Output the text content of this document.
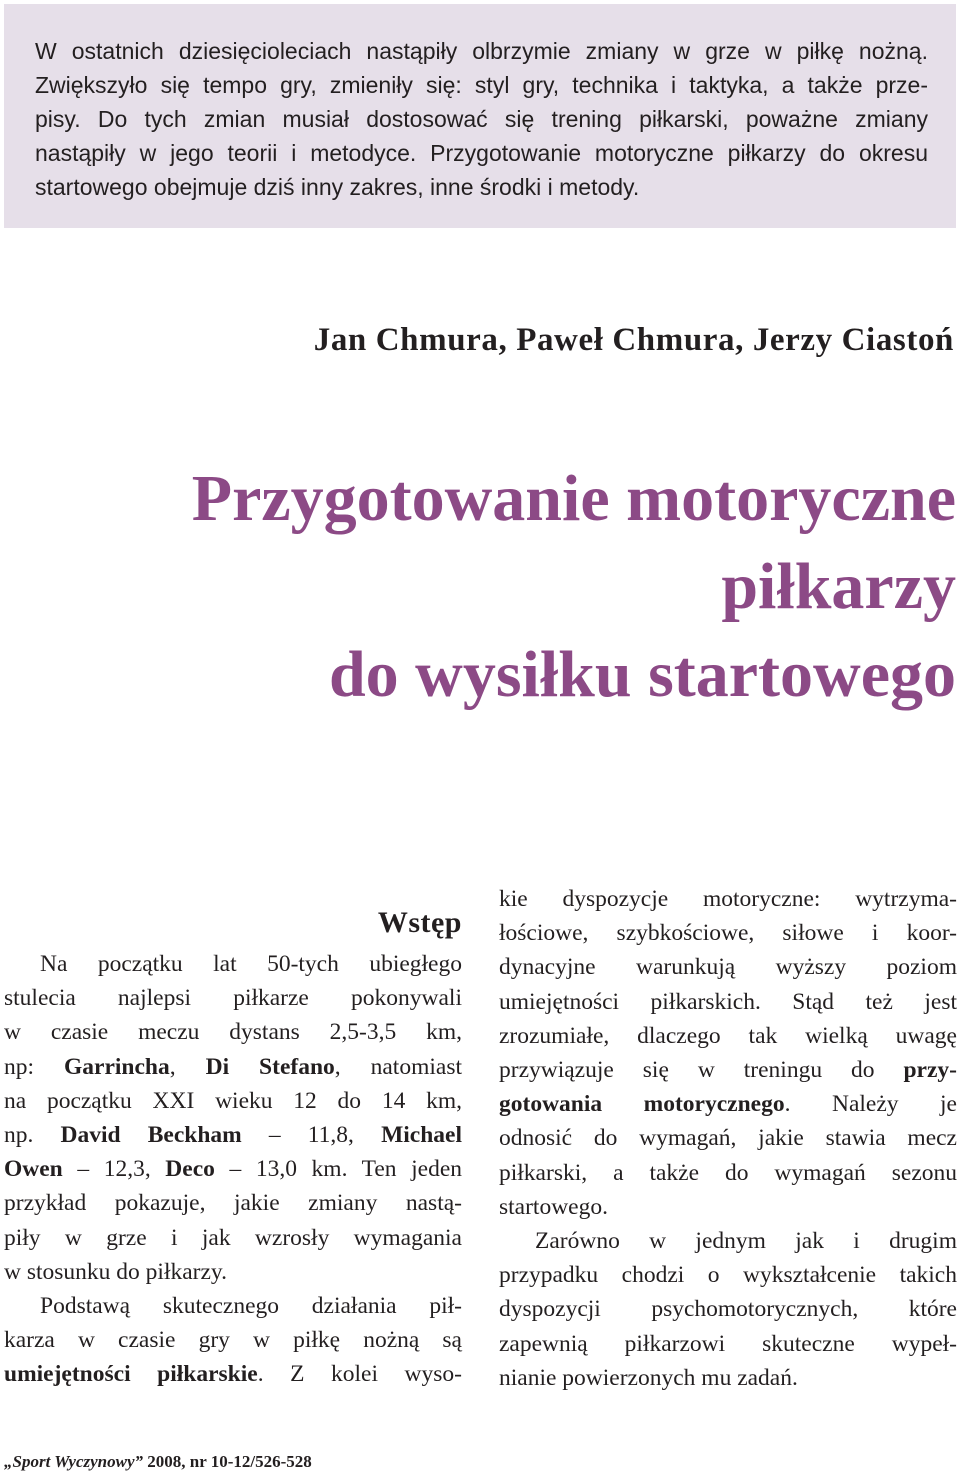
W ostatnich dziesięcioleciach nastąpiły olbrzymie zmiany w grze w piłkę nożną.
Zwiększyło się tempo gry, zmieniły się: styl gry, technika i taktyka, a także prze-
pisy. Do tych zmian musiał dostosować się trening piłkarski, poważne zmiany
nastąpiły w jego teorii i metodyce. Przygotowanie motoryczne piłkarzy do okresu
startowego obejmuje dziś inny zakres, inne środki i metody.

Jan Chmura, Paweł Chmura, Jerzy Ciastoń
Przygotowanie motoryczne
piłkarzy
do wysiłku startowego
Wstęp
Na początku lat 50-tych ubiegłego
stulecia najlepsi piłkarze pokonywali
w czasie meczu dystans 2,5-3,5 km,
np: Garrincha, Di Stefano, natomiast
na początku XXI wieku 12 do 14 km,
np. David Beckham – 11,8, Michael
Owen – 12,3, Deco – 13,0 km. Ten jeden
przykład pokazuje, jakie zmiany nastą-
piły w grze i jak wzrosły wymagania
w stosunku do piłkarzy.
Podstawą skutecznego działania pił-
karza w czasie gry w piłkę nożną są
umiejętności piłkarskie. Z kolei wyso-
kie dyspozycje motoryczne: wytrzyma-
łościowe, szybkościowe, siłowe i koor-
dynacyjne warunkują wyższy poziom
umiejętności piłkarskich. Stąd też jest
zrozumiałe, dlaczego tak wielką uwagę
przywiązuje się w treningu do przy-
gotowania motorycznego. Należy je
odnosić do wymagań, jakie stawia mecz
piłkarski, a także do wymagań sezonu
startowego.
Zarówno w jednym jak i drugim
przypadku chodzi o wykształcenie takich
dyspozycji psychomotorycznych, które
zapewnią piłkarzowi skuteczne wypeł-
nianie powierzonych mu zadań.
„Sport Wyczynowy” 2008, nr 10-12/526-528
